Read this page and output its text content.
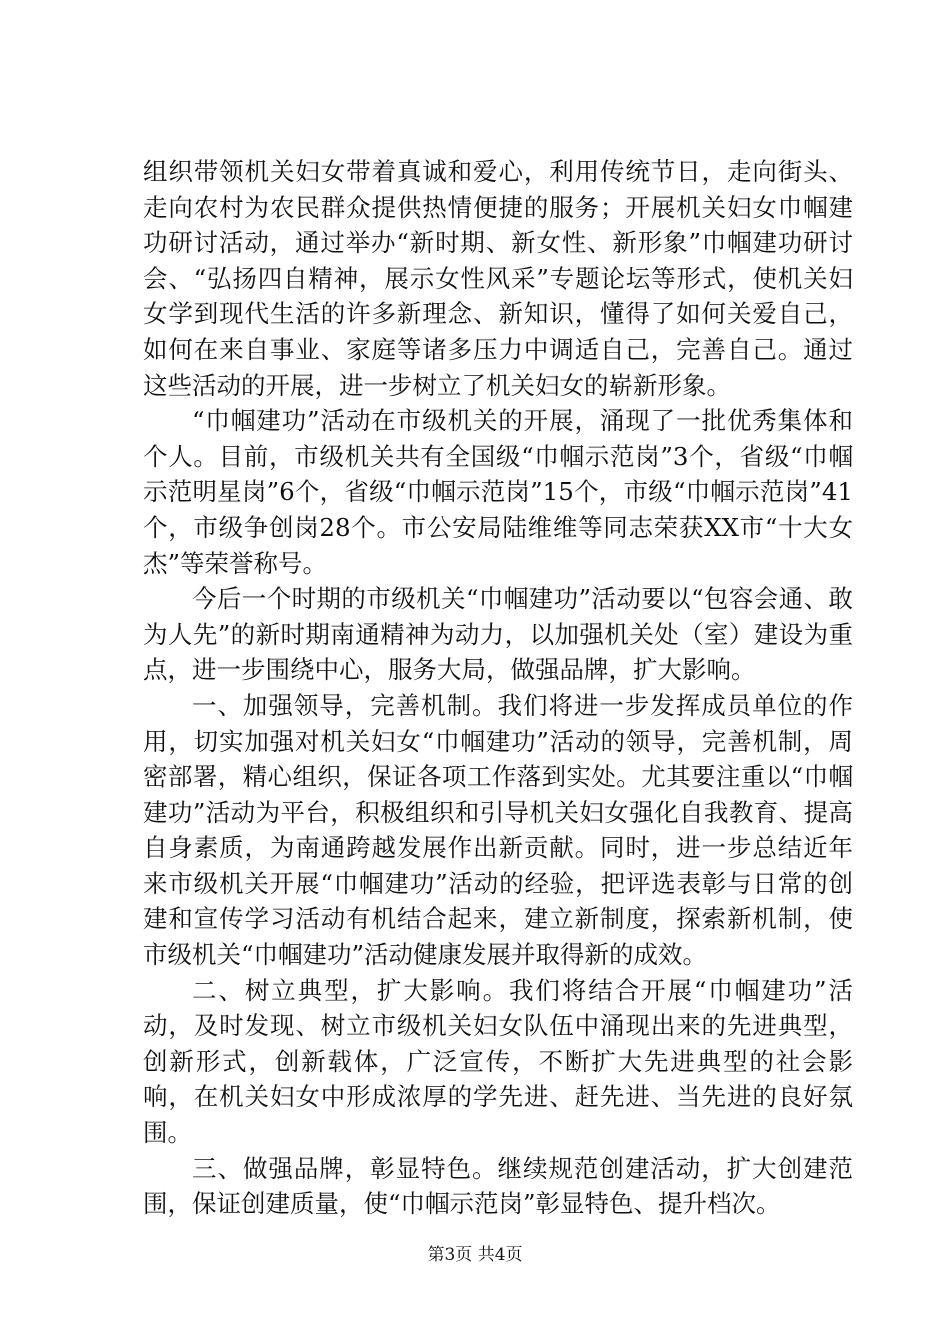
组织带领机关妇女带着真诚和爱心，利用传统节日，走向街头、走向农村为农民群众提供热情便捷的服务；开展机关妇女巾帼建功研讨活动，通过举办“新时期、新女性、新形象”巾帼建功研讨会、“弘扬四自精神，展示女性风采”专题论坛等形式，使机关妇女学到现代生活的许多新理念、新知识，懂得了如何关爱自己，如何在来自事业、家庭等诸多压力中调适自己，完善自己。通过这些活动的开展，进一步树立了机关妇女的崭新形象。

“巾帼建功”活动在市级机关的开展，涌现了一批优秀集体和个人。目前，市级机关共有全国级“巾帼示范岗”3个，省级“巾帼示范明星岗”6个，省级“巾帼示范岗”15个，市级“巾帼示范岗”41个，市级争创岗28个。市公安局陆维维等同志荣获XX市“十大女杰”等荣誉称号。

今后一个时期的市级机关“巾帼建功”活动要以“包容会通、敢为人先”的新时期南通精神为动力，以加强机关处（室）建设为重点，进一步围绕中心，服务大局，做强品牌，扩大影响。

一、加强领导，完善机制。我们将进一步发挥成员单位的作用，切实加强对机关妇女“巾帼建功”活动的领导，完善机制，周密部署，精心组织，保证各项工作落到实处。尤其要注重以“巾帼建功”活动为平台，积极组织和引导机关妇女强化自我教育、提高自身素质，为南通跨越发展作出新贡献。同时，进一步总结近年来市级机关开展“巾帼建功”活动的经验，把评选表彰与日常的创建和宣传学习活动有机结合起来，建立新制度，探索新机制，使市级机关“巾帼建功”活动健康发展并取得新的成效。

二、树立典型，扩大影响。我们将结合开展“巾帼建功”活动，及时发现、树立市级机关妇女队伍中涌现出来的先进典型，创新形式，创新载体，广泛宣传，不断扩大先进典型的社会影响，在机关妇女中形成浓厚的学先进、赶先进、当先进的良好氛围。

三、做强品牌，彰显特色。继续规范创建活动，扩大创建范围，保证创建质量，使“巾帼示范岗”彰显特色、提升档次。

第3页 共4页
